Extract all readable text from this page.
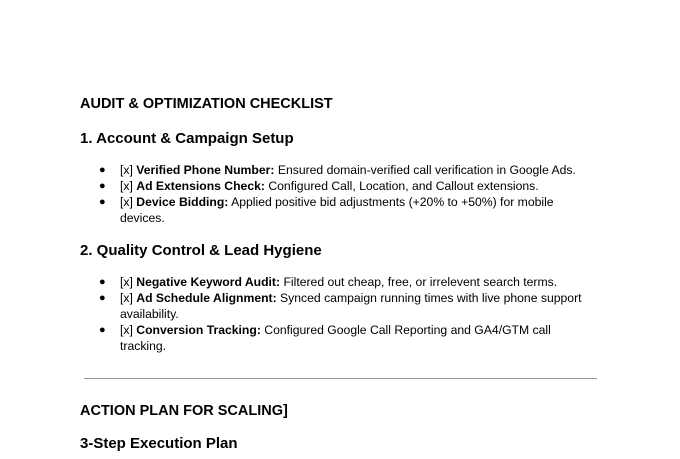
AUDIT & OPTIMIZATION CHECKLIST
1. Account & Campaign Setup
● [x] Verified Phone Number: Ensured domain-verified call verification in Google Ads.
● [x] Ad Extensions Check: Configured Call, Location, and Callout extensions.
● [x] Device Bidding: Applied positive bid adjustments (+20% to +50%) for mobile devices.
2. Quality Control & Lead Hygiene
● [x] Negative Keyword Audit: Filtered out cheap, free, or irrelevent search terms.
● [x] Ad Schedule Alignment: Synced campaign running times with live phone support availability.
● [x] Conversion Tracking: Configured Google Call Reporting and GA4/GTM call tracking.
ACTION PLAN FOR SCALING]
3-Step Execution Plan
